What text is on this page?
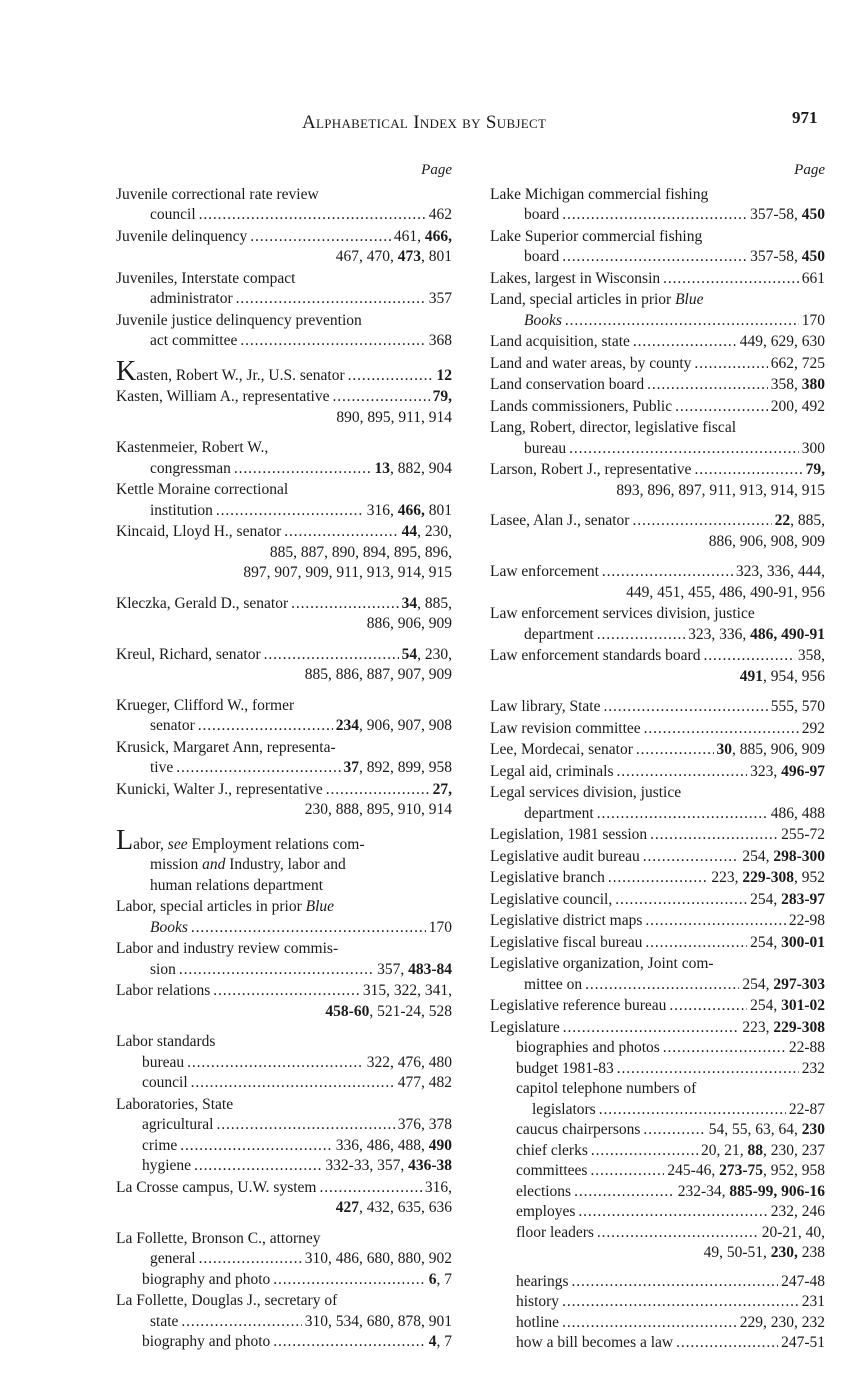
Alphabetical Index by Subject	971
Page
Juvenile correctional rate review
council . . .	462
Juvenile delinquency . . .	461, 466,
467, 470, 473, 801
Juveniles, Interstate compact
administrator . . .	357
Juvenile justice delinquency prevention
act committee . . .	368
Kasten, Robert W., Jr., U.S. senator . . .	12
Kasten, William A., representative . . .	79,
890, 895, 911, 914
Kastenmeier, Robert W.,
congressman . . .	13, 882, 904
Kettle Moraine correctional
institution . . .	316, 466, 801
Kincaid, Lloyd H., senator . . .	44, 230,
885, 887, 890, 894, 895, 896,
897, 907, 909, 911, 913, 914, 915
Kleczka, Gerald D., senator . . .	34, 885,
886, 906, 909
Kreul, Richard, senator . . .	54, 230,
885, 886, 887, 907, 909
Krueger, Clifford W., former
senator . . .	234, 906, 907, 908
Krusick, Margaret Ann, representa-
tive . . .	37, 892, 899, 958
Kunicki, Walter J., representative . . .	27,
230, 888, 895, 910, 914
Labor, see Employment relations com-
mission and Industry, labor and
human relations department
Labor, special articles in prior Blue
Books . . .	170
Labor and industry review commis-
sion . . .	357, 483-84
Labor relations . . .	315, 322, 341,
458-60, 521-24, 528
Labor standards
bureau . . .	322, 476, 480
council . . .	477, 482
Laboratories, State
agricultural . . .	376, 378
crime . . .	336, 486, 488, 490
hygiene . . .	332-33, 357, 436-38
La Crosse campus, U.W. system . . .	316,
427, 432, 635, 636
La Follette, Bronson C., attorney
general . . .	310, 486, 680, 880, 902
biography and photo . . .	6, 7
La Follette, Douglas J., secretary of
state . . .	310, 534, 680, 878, 901
biography and photo . . .	4, 7
Page
Lake Michigan commercial fishing
board . . .	357-58, 450
Lake Superior commercial fishing
board . . .	357-58, 450
Lakes, largest in Wisconsin . . .	661
Land, special articles in prior Blue
Books . . .	170
Land acquisition, state . . .	449, 629, 630
Land and water areas, by county . . .	662, 725
Land conservation board . . .	358, 380
Lands commissioners, Public . . .	200, 492
Lang, Robert, director, legislative fiscal
bureau . . .	300
Larson, Robert J., representative . . .	79,
893, 896, 897, 911, 913, 914, 915
Lasee, Alan J., senator . . .	22, 885,
886, 906, 908, 909
Law enforcement . . .	323, 336, 444,
449, 451, 455, 486, 490-91, 956
Law enforcement services division, justice
department . . .	323, 336, 486, 490-91
Law enforcement standards board . . .	358,
491, 954, 956
Law library, State . . .	555, 570
Law revision committee . . .	292
Lee, Mordecai, senator . . .	30, 885, 906, 909
Legal aid, criminals . . .	323, 496-97
Legal services division, justice
department . . .	486, 488
Legislation, 1981 session . . .	255-72
Legislative audit bureau . . .	254, 298-300
Legislative branch . . .	223, 229-308, 952
Legislative council, . . .	254, 283-97
Legislative district maps . . .	22-98
Legislative fiscal bureau . . .	254, 300-01
Legislative organization, Joint com-
mittee on . . .	254, 297-303
Legislative reference bureau . . .	254, 301-02
Legislature . . .	223, 229-308
biographies and photos . . .	22-88
budget 1981-83 . . .	232
capitol telephone numbers of
legislators . . .	22-87
caucus chairpersons . . .	54, 55, 63, 64, 230
chief clerks . . .	20, 21, 88, 230, 237
committees . . .	245-46, 273-75, 952, 958
elections . . .	232-34, 885-99, 906-16
employes . . .	232, 246
floor leaders . . .	20-21, 40,
49, 50-51, 230, 238
hearings . . .	247-48
history . . .	231
hotline . . .	229, 230, 232
how a bill becomes a law . . .	247-51
